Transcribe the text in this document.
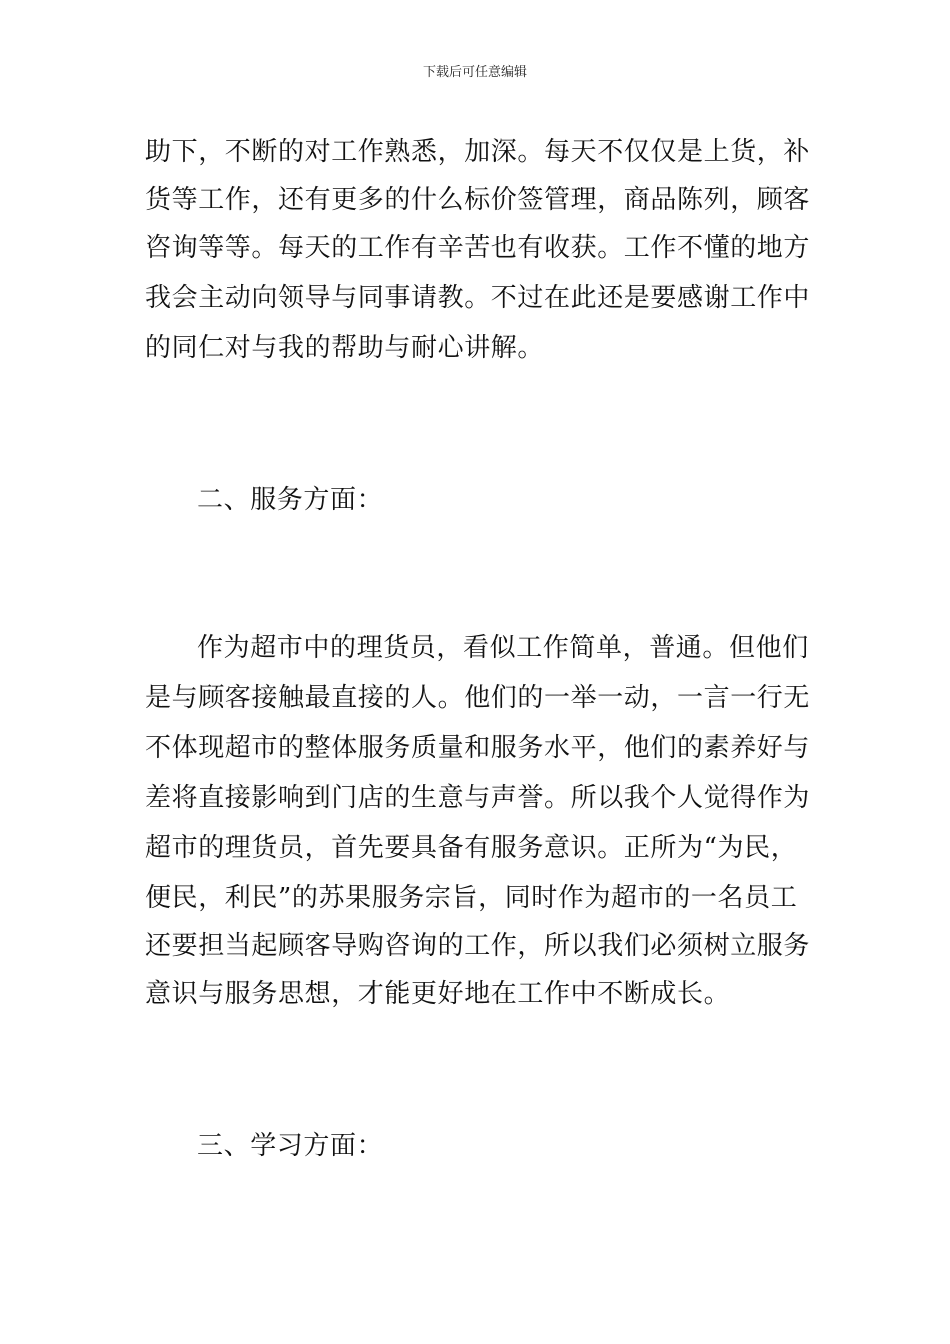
下载后可任意编辑
助下，不断的对工作熟悉，加深。每天不仅仅是上货，补
货等工作，还有更多的什么标价签管理，商品陈列，顾客
咨询等等。每天的工作有辛苦也有收获。工作不懂的地方
我会主动向领导与同事请教。不过在此还是要感谢工作中
的同仁对与我的帮助与耐心讲解。
二、服务方面：
作为超市中的理货员，看似工作简单，普通。但他们
是与顾客接触最直接的人。他们的一举一动，一言一行无
不体现超市的整体服务质量和服务水平，他们的素养好与
差将直接影响到门店的生意与声誉。所以我个人觉得作为
超市的理货员，首先要具备有服务意识。正所为“为民，
便民，利民”的苏果服务宗旨，同时作为超市的一名员工
还要担当起顾客导购咨询的工作，所以我们必须树立服务
意识与服务思想，才能更好地在工作中不断成长。
三、学习方面：
